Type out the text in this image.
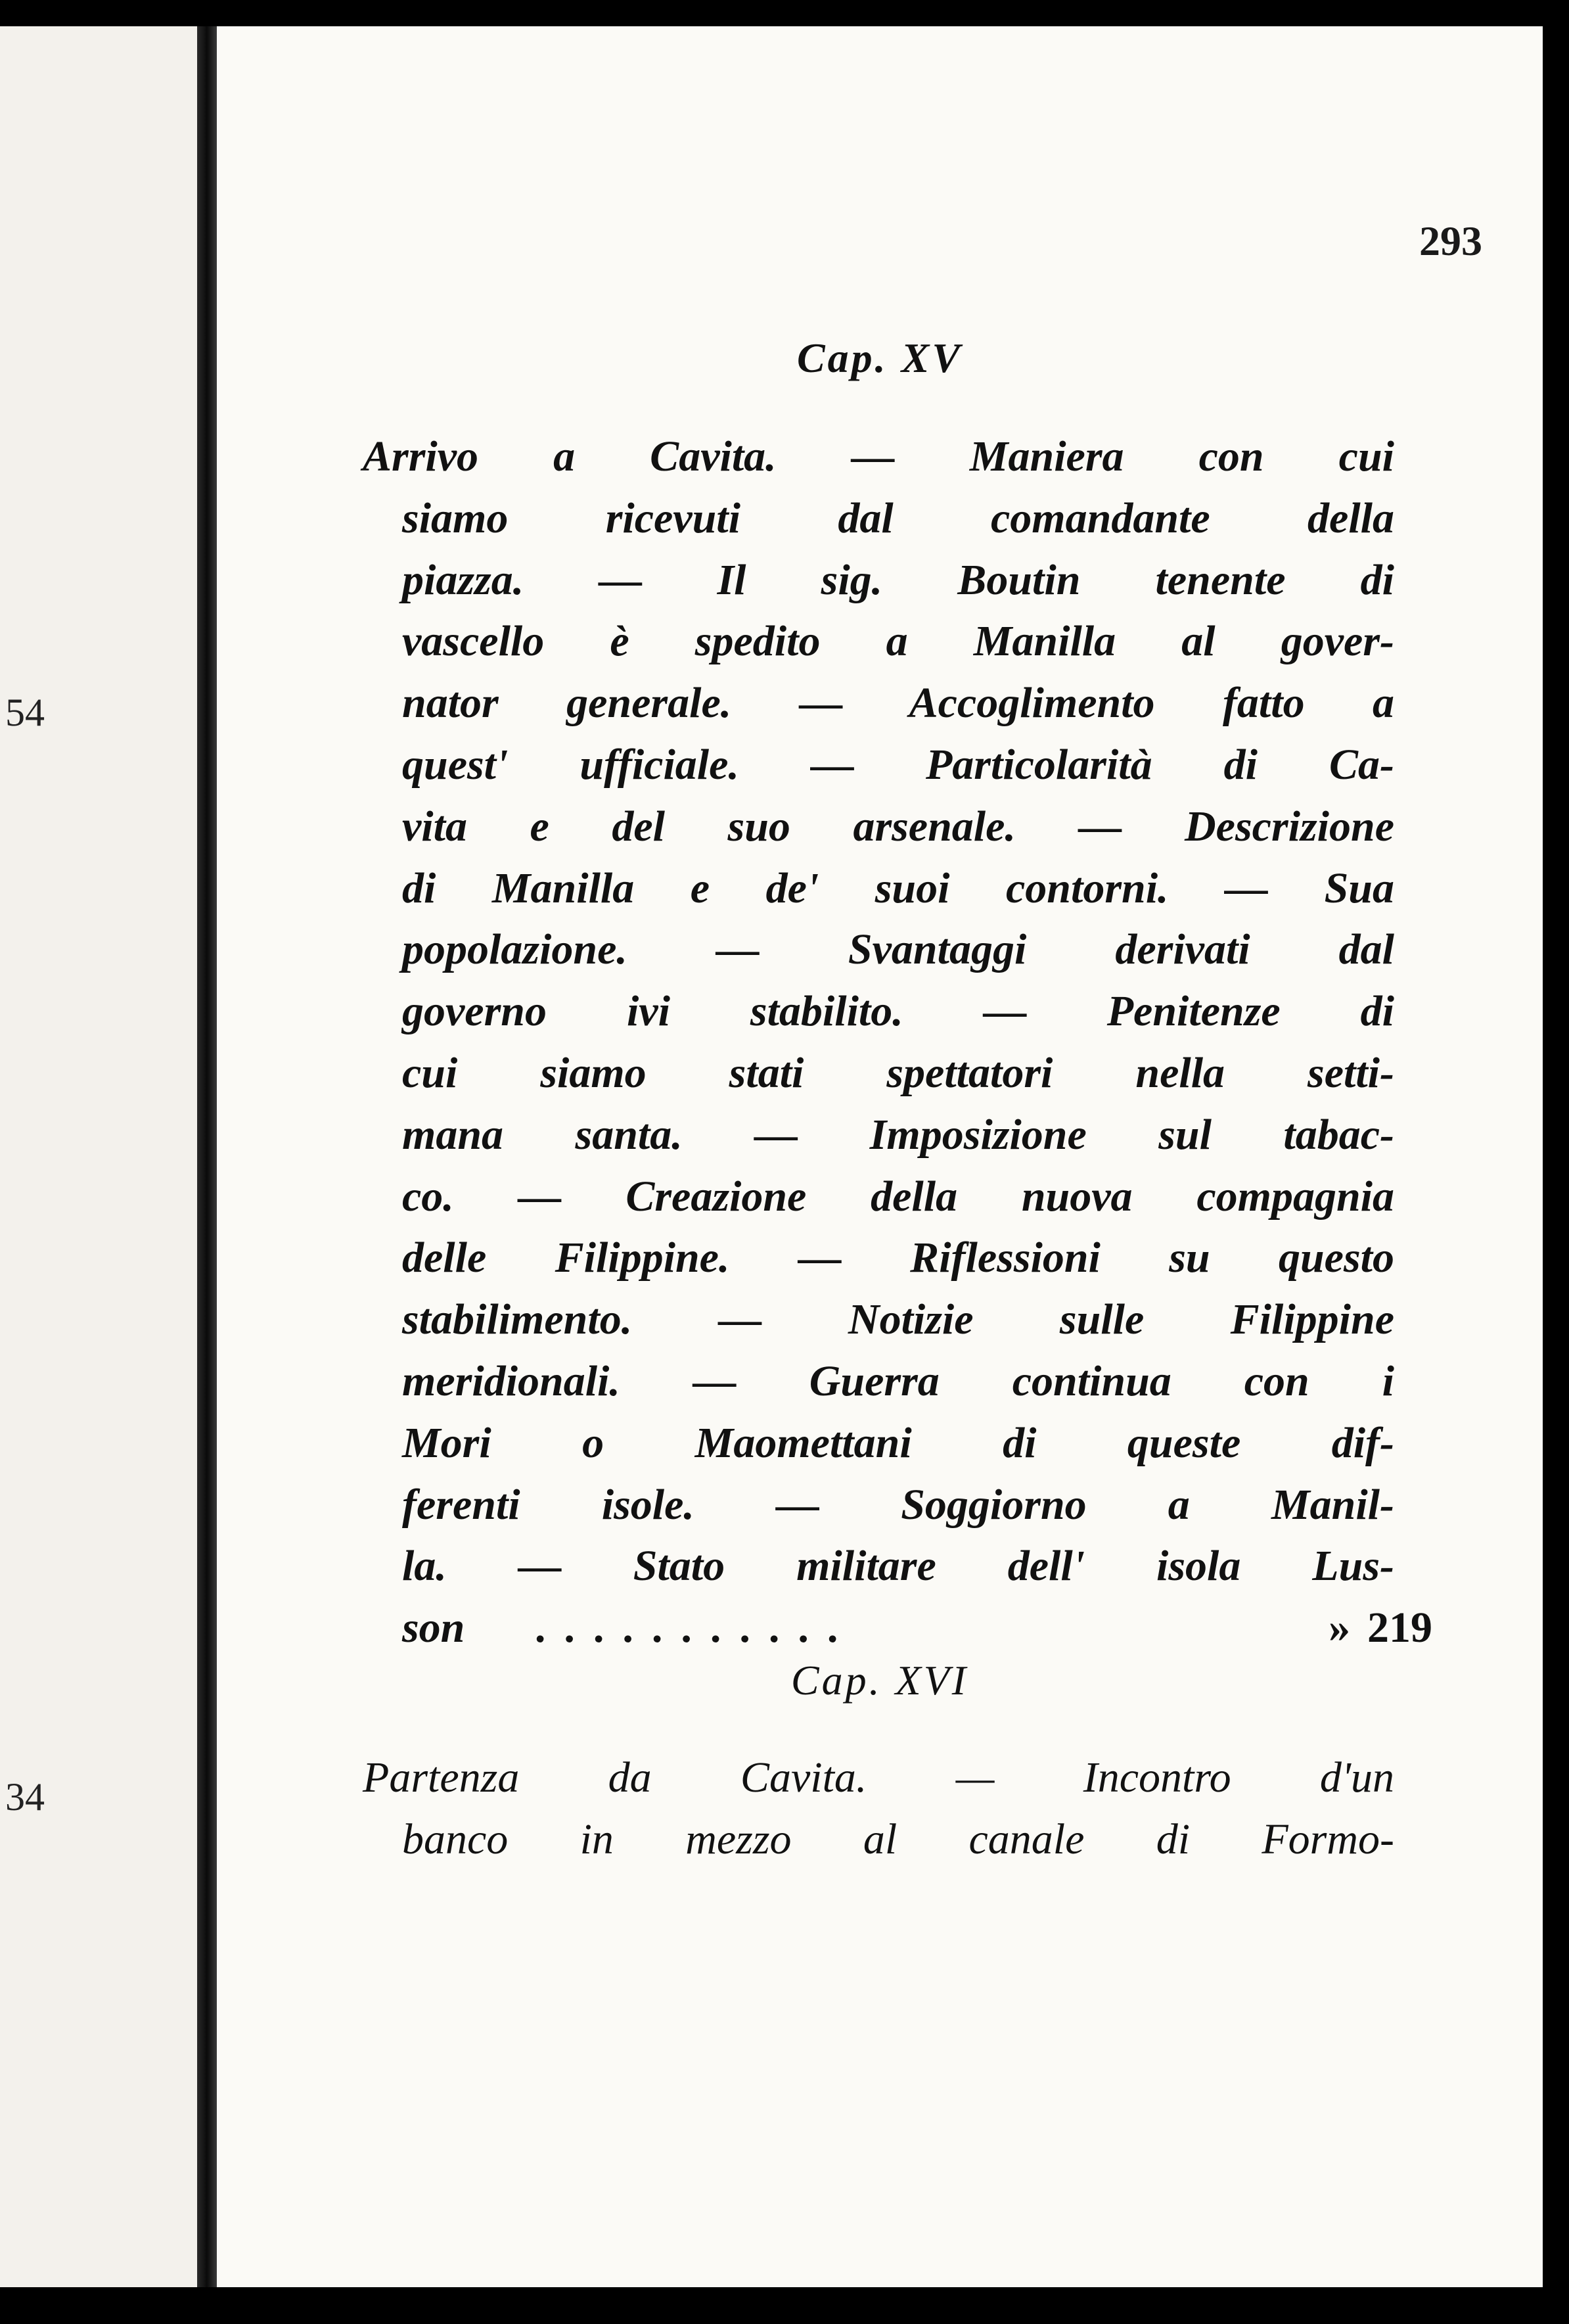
54
34
293
Cap. XV
Arrivo a Cavita. — Maniera con cui
siamo ricevuti dal comandante della
piazza. — Il sig. Boutin tenente di
vascello è spedito a Manilla al gover-
nator generale. — Accoglimento fatto a
quest' ufficiale. — Particolarità di Ca-
vita e del suo arsenale. — Descrizione
di Manilla e de' suoi contorni. — Sua
popolazione. — Svantaggi derivati dal
governo ivi stabilito. — Penitenze di
cui siamo stati spettatori nella setti-
mana santa. — Imposizione sul tabac-
co. — Creazione della nuova compagnia
delle Filippine. — Riflessioni su questo
stabilimento. — Notizie sulle Filippine
meridionali. — Guerra continua con i
Mori o Maomettani di queste dif-
ferenti isole. — Soggiorno a Manil-
la. — Stato militare dell' isola Lus-
son ...........	» 219
Cap. XVI
Partenza da Cavita. — Incontro d'un
banco in mezzo al canale di Formo-
